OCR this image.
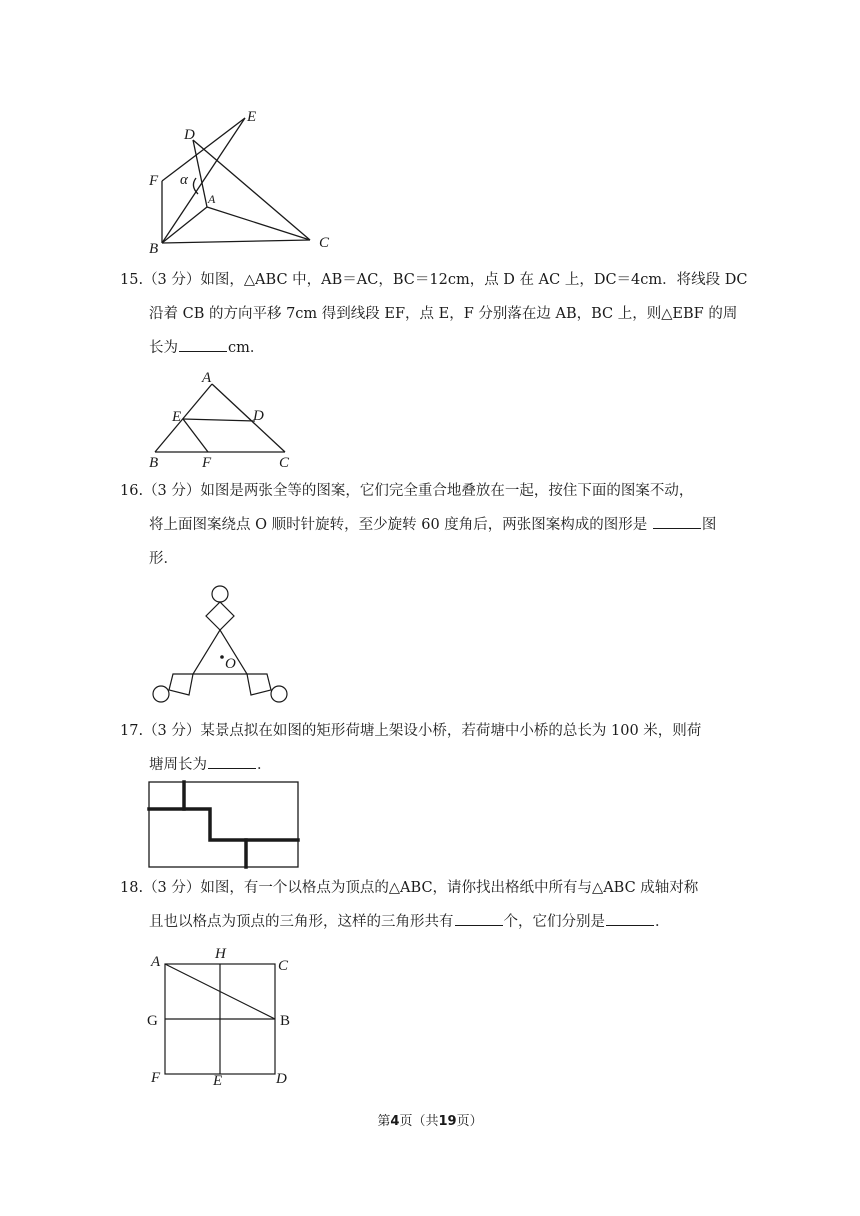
D
E
F α
A
B	C
15.（3 分）如图，△ABC 中，AB＝AC，BC＝12cm，点 D 在 AC 上，DC＝4cm．将线段 DC
沿着 CB 的方向平移 7cm 得到线段 EF，点 E，F 分别落在边 AB，BC 上，则△EBF 的周
长为	cm．
A
E	D
B	F	C
16.（3 分）如图是两张全等的图案，它们完全重合地叠放在一起，按住下面的图案不动，
将上面图案绕点 O 顺时针旋转，至少旋转 60 度角后，两张图案构成的图形是	图
形．
O
17.（3 分）某景点拟在如图的矩形荷塘上架设小桥，若荷塘中小桥的总长为 100 米，则荷
塘周长为	．
18.（3 分）如图，有一个以格点为顶点的△ABC，请你找出格纸中所有与△ABC 成轴对称
且也以格点为顶点的三角形，这样的三角形共有	个，它们分别是	．
A	H
C
G	B
F	E	D
第4页（共19页）
